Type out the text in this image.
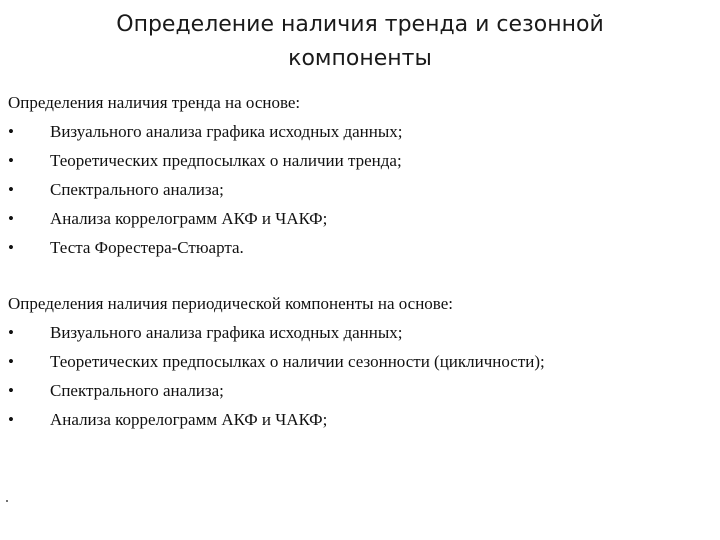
Определение наличия тренда и сезонной
компоненты
Определения наличия тренда на основе:
•	Визуального анализа графика исходных данных;
•	Теоретических предпосылках о наличии тренда;
•	Спектрального анализа;
•	Анализа коррелограмм АКФ и ЧАКФ;
•	Теста Форестера-Стюарта.
Определения наличия периодической компоненты на основе:
•	Визуального анализа графика исходных данных;
•	Теоретических предпосылках о наличии сезонности (цикличности);
•	Спектрального анализа;
•	Анализа коррелограмм АКФ и ЧАКФ;
